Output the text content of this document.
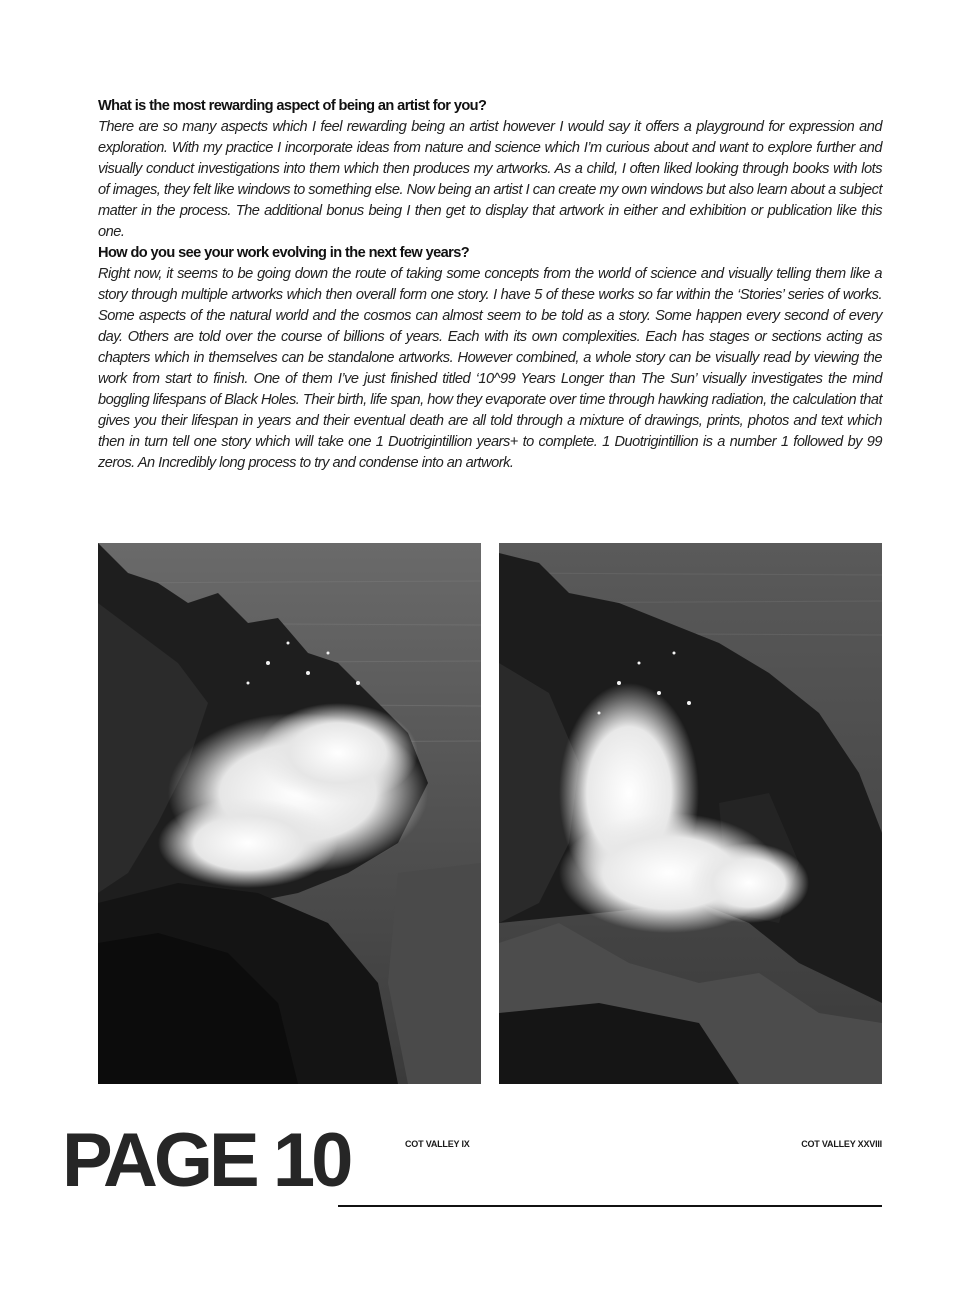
What is the most rewarding aspect of being an artist for you?

There are so many aspects which I feel rewarding being an artist however I would say it offers a playground for expression and exploration. With my practice I incorporate ideas from nature and science which I’m curious about and want to explore further and visually conduct investigations into them which then produces my artworks. As a child, I often liked looking through books with lots of images, they felt like windows to something else. Now being an artist I can create my own windows but also learn about a subject matter in the process. The additional bonus being I then get to display that artwork in either and exhibition or publication like this one.

How do you see your work evolving in the next few years?

Right now, it seems to be going down the route of taking some concepts from the world of science and visually telling them like a story through multiple artworks which then overall form one story. I have 5 of these works so far within the ‘Stories’ series of works. Some aspects of the natural world and the cosmos can almost seem to be told as a story. Some happen every second of every day. Others are told over the course of billions of years. Each with its own complexities. Each has stages or sections acting as chapters which in themselves can be standalone artworks. However combined, a whole story can be visually read by viewing the work from start to finish. One of them I’ve just finished titled ‘10^99 Years Longer than The Sun’ visually investigates the mind boggling lifespans of Black Holes. Their birth, life span, how they evaporate over time through hawking radiation, the calculation that gives you their lifespan in years and their eventual death are all told through a mixture of drawings, prints, photos and text which then in turn tell one story which will take one 1 Duotrigintillion years+ to complete. 1 Duotrigintillion is a number 1 followed by 99 zeros. An Incredibly long process to try and condense into an artwork.

PAGE 10	COT VALLEY IX	COT VALLEY XXVIII
